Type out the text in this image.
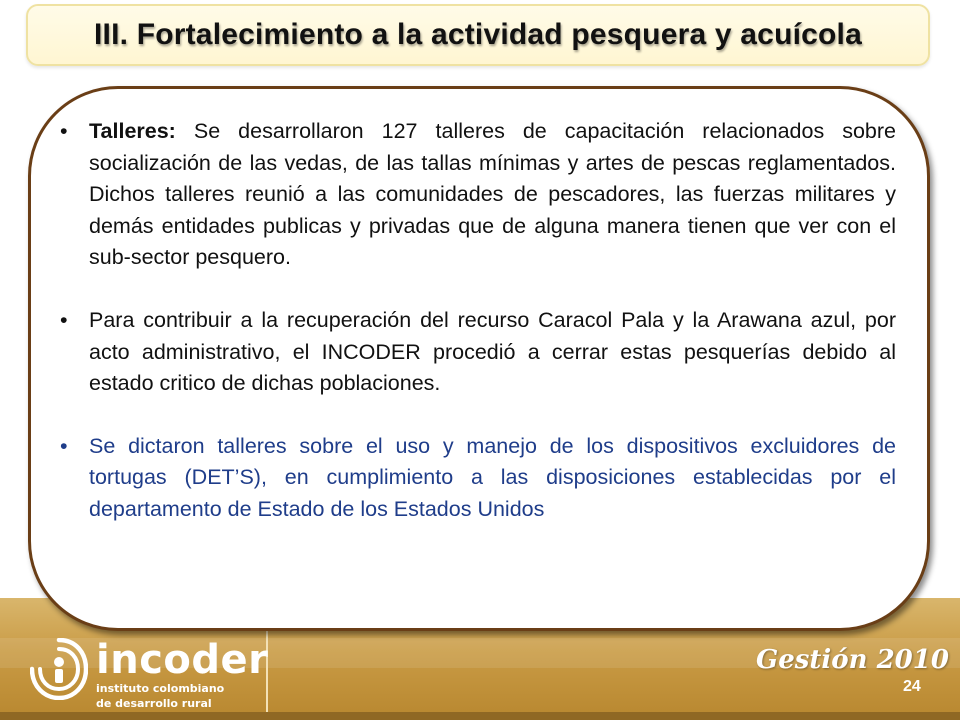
III. Fortalecimiento a la actividad pesquera y acuícola
incoder
instituto colombiano
de desarrollo rural
Gestión 2010
24
• Talleres: Se desarrollaron 127 talleres de capacitación relacionados sobre socialización de las vedas, de las tallas mínimas y artes de pescas reglamentados. Dichos talleres reunió a las comunidades de pescadores, las fuerzas militares y demás entidades publicas y privadas que de alguna manera tienen que ver con el sub-sector pesquero.
• Para contribuir a la recuperación del recurso Caracol Pala y la Arawana azul, por acto administrativo, el INCODER procedió a cerrar estas pesquerías debido al estado critico de dichas poblaciones.
• Se dictaron talleres sobre el uso y manejo de los dispositivos excluidores de tortugas (DET’S), en cumplimiento a las disposiciones establecidas por el departamento de Estado de los Estados Unidos
